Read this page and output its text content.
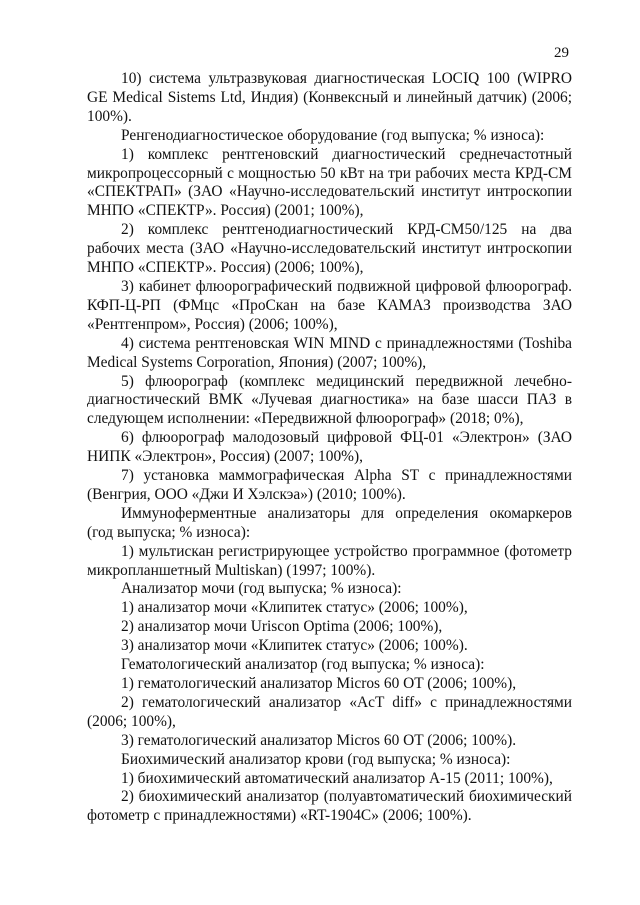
29

10) система ультразвуковая диагностическая LOCIQ 100 (WIPRO GE Medical Sistems Ltd, Индия) (Конвексный и линейный датчик) (2006; 100%).

Ренгенодиагностическое оборудование (год выпуска; % износа):

1) комплекс рентгеновский диагностический среднечастотный микропроцессорный с мощностью 50 кВт на три рабочих места КРД-СМ «СПЕКТРАП» (ЗАО «Научно-исследовательский институт интроскопии МНПО «СПЕКТР». Россия) (2001; 100%),

2) комплекс рентгенодиагностический КРД-СМ50/125 на два рабочих места (ЗАО «Научно-исследовательский институт интроскопии МНПО «СПЕКТР». Россия) (2006; 100%),

3) кабинет флюорографический подвижной цифровой флюорограф. КФП-Ц-РП (ФМцс «ПроСкан на базе КАМАЗ производства ЗАО «Рентгенпром», Россия) (2006; 100%),

4) система рентгеновская WIN MIND с принадлежностями (Toshiba Medical Systems Corporation, Япония) (2007; 100%),

5) флюорограф (комплекс медицинский передвижной лечебно-диагностический ВМК «Лучевая диагностика» на базе шасси ПАЗ в следующем исполнении: «Передвижной флюорограф» (2018; 0%),

6) флюорограф малодозовый цифровой ФЦ-01 «Электрон» (ЗАО НИПК «Электрон», Россия) (2007; 100%),

7) установка маммографическая Alpha ST с принадлежностями (Венгрия, ООО «Джи И Хэлскэа») (2010; 100%).

Иммуноферментные анализаторы для определения окомаркеров (год выпуска; % износа):

1) мультискан регистрирующее устройство программное (фотометр микропланшетный Multiskan) (1997; 100%).

Анализатор мочи (год выпуска; % износа):

1) анализатор мочи «Клипитек статус» (2006; 100%),

2) анализатор мочи Uriscon Optima (2006; 100%),

3) анализатор мочи «Клипитек статус» (2006; 100%).

Гематологический анализатор (год выпуска; % износа):

1) гематологический анализатор Micros 60 OT (2006; 100%),

2) гематологический анализатор «AcT diff» с принадлежностями (2006; 100%),

3) гематологический анализатор Micros 60 OT (2006; 100%).

Биохимический анализатор крови (год выпуска; % износа):

1) биохимический автоматический анализатор А-15 (2011; 100%),

2) биохимический анализатор (полуавтоматический биохимический фотометр с принадлежностями) «RT-1904C» (2006; 100%).
